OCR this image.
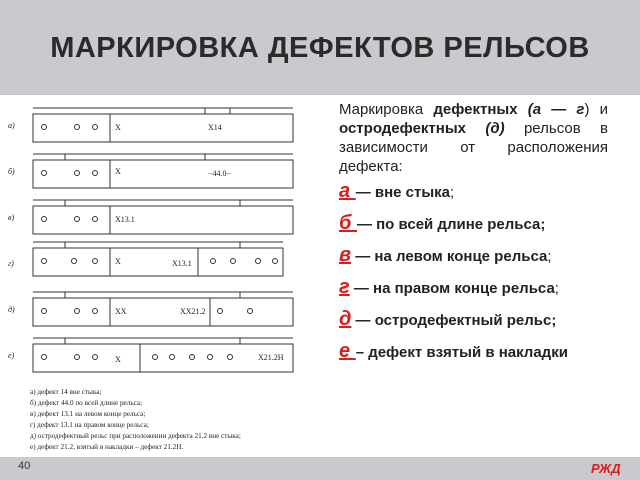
МАРКИРОВКА ДЕФЕКТОВ РЕЛЬСОВ
а)
б)
в)
г)
д)
е)
Х	Х14
Х	−44.0−
Х13.1
Х	Х13.1
ХХ	ХХ21.2
Х	Х21.2Н
а) дефект 14 вне стыка;
б) дефект 44.0 по всей длине рельса;
в) дефект 13.1 на левом конце рельса;
г) дефект 13.1 на правом конце рельса;
д) остродефектный рельс при расположении дефекта 21.2 вне стыка;
е) дефект 21.2, взятый в накладки – дефект 21.2Н.

Маркировка дефектных (а — г) и остродефектных (д) рельсов в зависимости от расположения дефекта:

а — вне стыка;

б — по всей длине рельса;

в — на левом конце рельса;

г — на правом конце рельса;

д — остродефектный рельс;

е – дефект взятый в накладки

40	РЖД
